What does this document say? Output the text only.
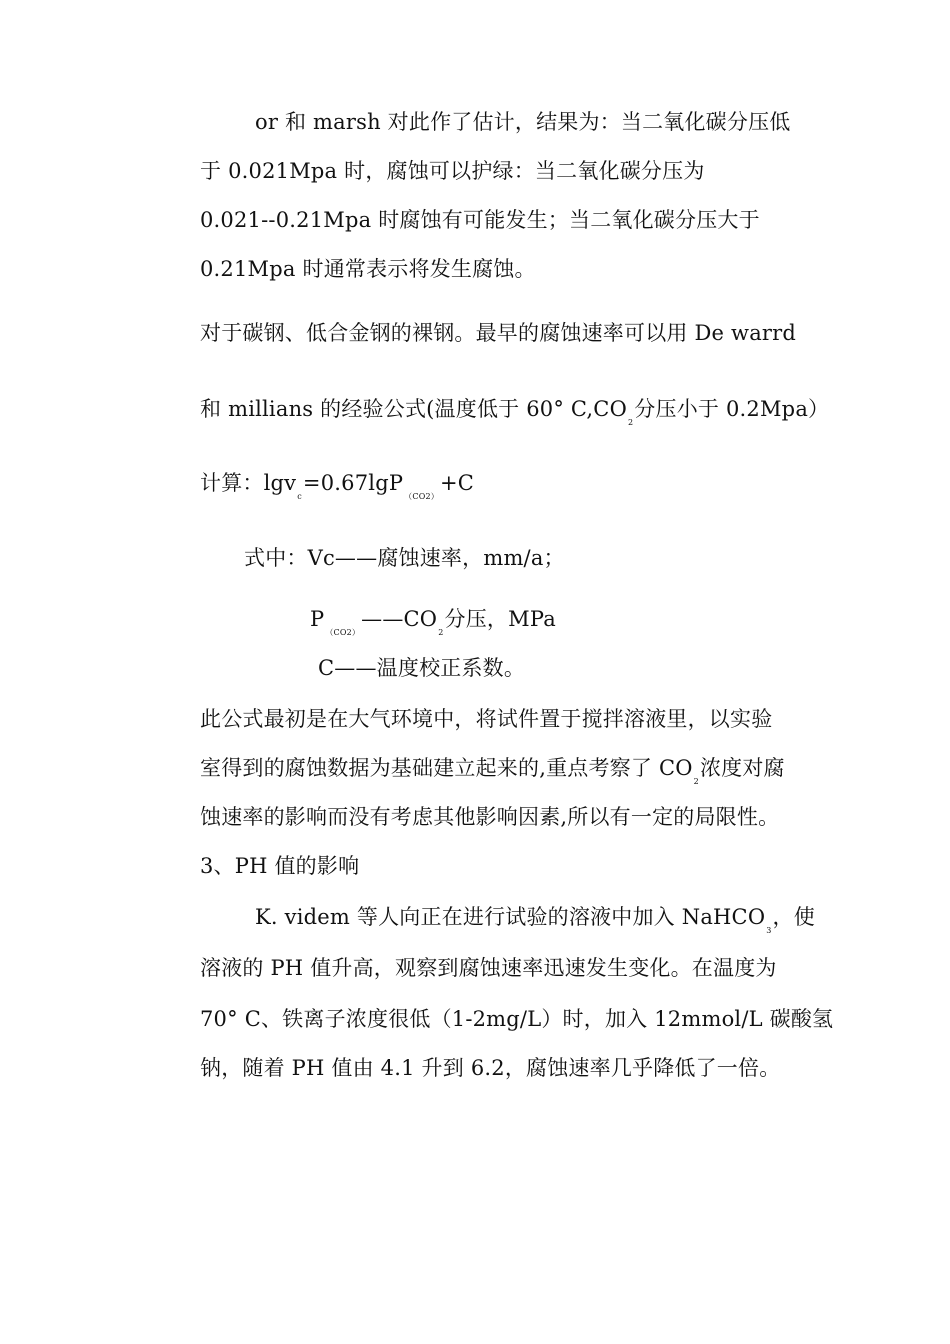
or 和 marsh 对此作了估计，结果为：当二氧化碳分压低
于 0.021Mpa 时，腐蚀可以护绿：当二氧化碳分压为
0.021--0.21Mpa 时腐蚀有可能发生；当二氧化碳分压大于
0.21Mpa 时通常表示将发生腐蚀。
对于碳钢、低合金钢的裸钢。最早的腐蚀速率可以用 De warrd
和 millians 的经验公式(温度低于 60° $C,CO_2$分压小于 0.2Mpa）
计算：lgv$_c$=0.67lgP$_{(CO2)}$+C
式中：Vc——腐蚀速率，mm/a；
$P_{(CO2)}——CO_2$分压，MPa
C——温度校正系数。
此公式最初是在大气环境中，将试件置于搅拌溶液里，以实验
室得到的腐蚀数据为基础建立起来的,重点考察了 $CO_2$浓度对腐
蚀速率的影响而没有考虑其他影响因素,所以有一定的局限性。
3、PH 值的影响
K. videm 等人向正在进行试验的溶液中加入 NaHCO$_3$，使
溶液的 PH 值升高，观察到腐蚀速率迅速发生变化。在温度为
70° C、铁离子浓度很低（1-2mg/L）时，加入 12mmol/L 碳酸氢
钠，随着 PH 值由 4.1 升到 6.2，腐蚀速率几乎降低了一倍。
